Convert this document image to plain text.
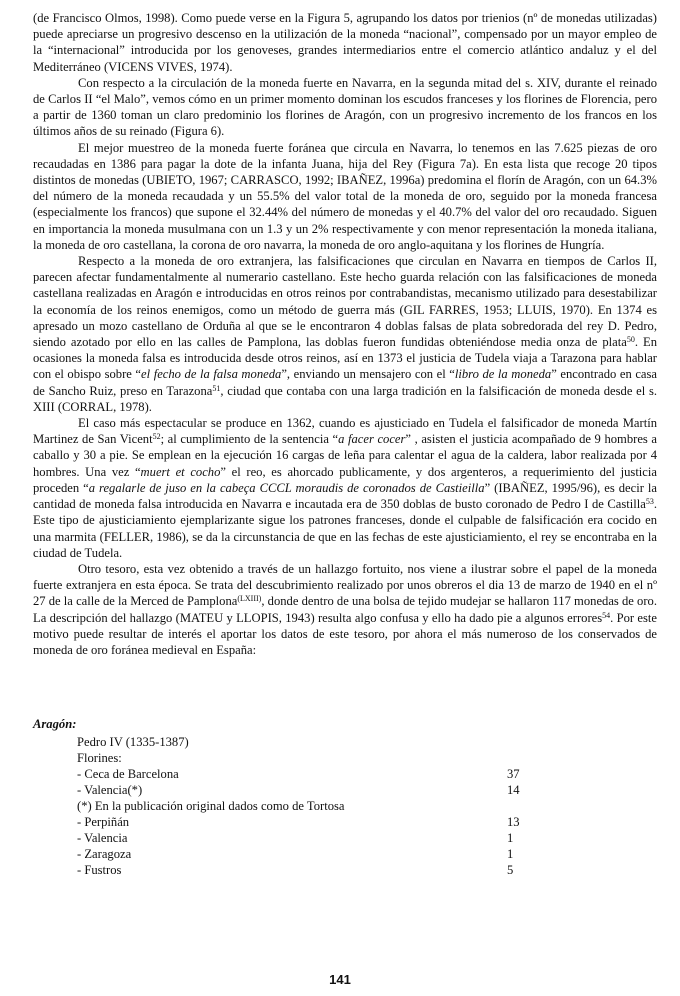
(de Francisco Olmos, 1998). Como puede verse en la Figura 5, agrupando los datos por trienios (nº de monedas utilizadas) puede apreciarse un progresivo descenso en la utilización de la moneda “nacional”, compensado por un mayor empleo de la “internacional” introducida por los genoveses, grandes intermediarios entre el comercio atlántico andaluz y el del Mediterráneo (VICENS VIVES, 1974).

Con respecto a la circulación de la moneda fuerte en Navarra, en la segunda mitad del s. XIV, durante el reinado de Carlos II “el Malo”, vemos cómo en un primer momento dominan los escudos franceses y los florines de Florencia, pero a partir de 1360 toman un claro predominio los florines de Aragón, con un progresivo incremento de los francos en los últimos años de su reinado (Figura 6).

El mejor muestreo de la moneda fuerte foránea que circula en Navarra, lo tenemos en las 7.625 piezas de oro recaudadas en 1386 para pagar la dote de la infanta Juana, hija del Rey (Figura 7a). En esta lista que recoge 20 tipos distintos de monedas (UBIETO, 1967; CARRASCO, 1992; IBAÑEZ, 1996a) predomina el florín de Aragón, con un 64.3% del número de la moneda recaudada y un 55.5% del valor total de la moneda de oro, seguido por la moneda francesa (especialmente los francos) que supone el 32.44% del número de monedas y el 40.7% del valor del oro recaudado. Siguen en importancia la moneda musulmana con un 1.3 y un 2% respectivamente y con menor representación la moneda italiana, la moneda de oro castellana, la corona de oro navarra, la moneda de oro anglo-aquitana y los florines de Hungría.

Respecto a la moneda de oro extranjera, las falsificaciones que circulan en Navarra en tiempos de Carlos II, parecen afectar fundamentalmente al numerario castellano. Este hecho guarda relación con las falsificaciones de moneda castellana realizadas en Aragón e introducidas en otros reinos por contrabandistas, mecanismo utilizado para desestabilizar la economía de los reinos enemigos, como un método de guerra más (GIL FARRES, 1953; LLUIS, 1970). En 1374 es apresado un mozo castellano de Orduña al que se le encontraron 4 doblas falsas de plata sobredorada del rey D. Pedro, siendo azotado por ello en las calles de Pamplona, las doblas fueron fundidas obteniéndose media onza de plata$^{50}$. En ocasiones la moneda falsa es introducida desde otros reinos, así en 1373 el justicia de Tudela viaja a Tarazona para hablar con el obispo sobre “el fecho de la falsa moneda”, enviando un mensajero con el “libro de la moneda” encontrado en casa de Sancho Ruiz, preso en Tarazona$^{51}$, ciudad que contaba con una larga tradición en la falsificación de moneda desde el s. XIII (CORRAL, 1978).

El caso más espectacular se produce en 1362, cuando es ajusticiado en Tudela el falsificador de moneda Martín Martinez de San Vicent$^{52}$; al cumplimiento de la sentencia “a facer cocer” , asisten el justicia acompañado de 9 hombres a caballo y 30 a pie. Se emplean en la ejecución 16 cargas de leña para calentar el agua de la caldera, labor realizada por 4 hombres. Una vez “muert et cocho” el reo, es ahorcado publicamente, y dos argenteros, a requerimiento del justicia proceden “a regalarle de juso en la cabeça CCCL moraudis de coronados de Castieilla” (IBAÑEZ, 1995/96), es decir la cantidad de moneda falsa introducida en Navarra e incautada era de 350 doblas de busto coronado de Pedro I de Castilla$^{53}$. Este tipo de ajusticiamiento ejemplarizante sigue los patrones franceses, donde el culpable de falsificación era cocido en una marmita (FELLER, 1986), se da la circunstancia de que en las fechas de este ajusticiamiento, el rey se encontraba en la ciudad de Tudela.

Otro tesoro, esta vez obtenido a través de un hallazgo fortuito, nos viene a ilustrar sobre el papel de la moneda fuerte extranjera en esta época. Se trata del descubrimiento realizado por unos obreros el dia 13 de marzo de 1940 en el nº 27 de la calle de la Merced de Pamplona$^{(LXIII)}$, donde dentro de una bolsa de tejido mudejar se hallaron 117 monedas de oro. La descripción del hallazgo (MATEU y LLOPIS, 1943) resulta algo confusa y ello ha dado pie a algunos errores$^{54}$. Por este motivo puede resultar de interés el aportar los datos de este tesoro, por ahora el más numeroso de los conservados de moneda de oro foránea medieval en España:

Aragón:
Pedro IV (1335-1387)
Florines:
- Ceca de Barcelona	37
- Valencia(*)	14
(*) En la publicación original dados como de Tortosa
- Perpiñán	13
- Valencia	1
- Zaragoza	1
- Fustros	5
141
